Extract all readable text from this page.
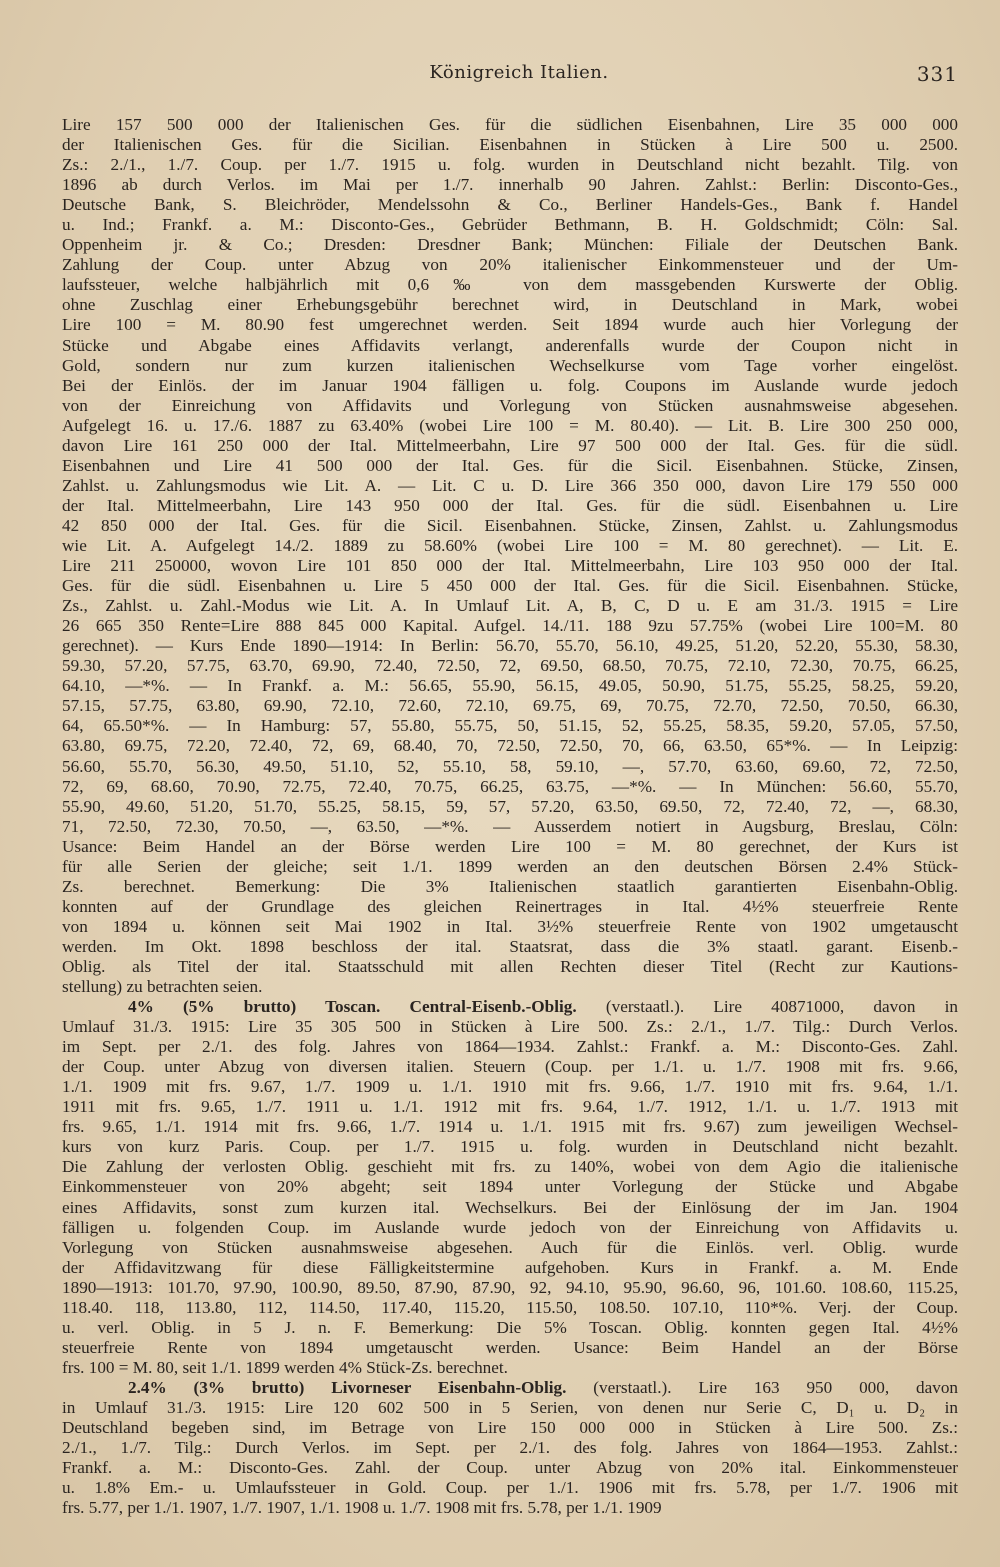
Königreich Italien.	331
Lire 157 500 000 der Italienischen Ges. für die südlichen Eisenbahnen, Lire 35 000 000
der Italienischen Ges. für die Sicilian. Eisenbahnen in Stücken à Lire 500 u. 2500.
Zs.: 2./1., 1./7. Coup. per 1./7. 1915 u. folg. wurden in Deutschland nicht bezahlt. Tilg. von
1896 ab durch Verlos. im Mai per 1./7. innerhalb 90 Jahren. Zahlst.: Berlin: Disconto-Ges.,
Deutsche Bank, S. Bleichröder, Mendelssohn & Co., Berliner Handels-Ges., Bank f. Handel
u. Ind.; Frankf. a. M.: Disconto-Ges., Gebrüder Bethmann, B. H. Goldschmidt; Cöln: Sal.
Oppenheim jr. & Co.; Dresden: Dresdner Bank; München: Filiale der Deutschen Bank.
Zahlung der Coup. unter Abzug von 20% italienischer Einkommensteuer und der Um-
laufssteuer, welche halbjährlich mit 0,6‰ von dem massgebenden Kurswerte der Oblig.
ohne Zuschlag einer Erhebungsgebühr berechnet wird, in Deutschland in Mark, wobei
Lire 100 = M. 80.90 fest umgerechnet werden. Seit 1894 wurde auch hier Vorlegung der
Stücke und Abgabe eines Affidavits verlangt, anderenfalls wurde der Coupon nicht in
Gold, sondern nur zum kurzen italienischen Wechselkurse vom Tage vorher eingelöst.
Bei der Einlös. der im Januar 1904 fälligen u. folg. Coupons im Auslande wurde jedoch
von der Einreichung von Affidavits und Vorlegung von Stücken ausnahmsweise abgesehen.
Aufgelegt 16. u. 17./6. 1887 zu 63.40% (wobei Lire 100 = M. 80.40). — Lit. B. Lire 300 250 000,
davon Lire 161 250 000 der Ital. Mittelmeerbahn, Lire 97 500 000 der Ital. Ges. für die südl.
Eisenbahnen und Lire 41 500 000 der Ital. Ges. für die Sicil. Eisenbahnen. Stücke, Zinsen,
Zahlst. u. Zahlungsmodus wie Lit. A. — Lit. C u. D. Lire 366 350 000, davon Lire 179 550 000
der Ital. Mittelmeerbahn, Lire 143 950 000 der Ital. Ges. für die südl. Eisenbahnen u. Lire
42 850 000 der Ital. Ges. für die Sicil. Eisenbahnen. Stücke, Zinsen, Zahlst. u. Zahlungsmodus
wie Lit. A. Aufgelegt 14./2. 1889 zu 58.60% (wobei Lire 100 = M. 80 gerechnet). — Lit. E.
Lire 211 250000, wovon Lire 101 850 000 der Ital. Mittelmeerbahn, Lire 103 950 000 der Ital.
Ges. für die südl. Eisenbahnen u. Lire 5 450 000 der Ital. Ges. für die Sicil. Eisenbahnen. Stücke,
Zs., Zahlst. u. Zahl.-Modus wie Lit. A. In Umlauf Lit. A, B, C, D u. E am 31./3. 1915 = Lire
26 665 350 Rente=Lire 888 845 000 Kapital. Aufgel. 14./11. 188 9zu 57.75% (wobei Lire 100=M. 80
gerechnet). — Kurs Ende 1890—1914: In Berlin: 56.70, 55.70, 56.10, 49.25, 51.20, 52.20, 55.30, 58.30,
59.30, 57.20, 57.75, 63.70, 69.90, 72.40, 72.50, 72, 69.50, 68.50, 70.75, 72.10, 72.30, 70.75, 66.25,
64.10, —*%. — In Frankf. a. M.: 56.65, 55.90, 56.15, 49.05, 50.90, 51.75, 55.25, 58.25, 59.20,
57.15, 57.75, 63.80, 69.90, 72.10, 72.60, 72.10, 69.75, 69, 70.75, 72.70, 72.50, 70.50, 66.30,
64, 65.50*%. — In Hamburg: 57, 55.80, 55.75, 50, 51.15, 52, 55.25, 58.35, 59.20, 57.05, 57.50,
63.80, 69.75, 72.20, 72.40, 72, 69, 68.40, 70, 72.50, 72.50, 70, 66, 63.50, 65*%. — In Leipzig:
56.60, 55.70, 56.30, 49.50, 51.10, 52, 55.10, 58, 59.10, —, 57.70, 63.60, 69.60, 72, 72.50,
72, 69, 68.60, 70.90, 72.75, 72.40, 70.75, 66.25, 63.75, —*%. — In München: 56.60, 55.70,
55.90, 49.60, 51.20, 51.70, 55.25, 58.15, 59, 57, 57.20, 63.50, 69.50, 72, 72.40, 72, —, 68.30,
71, 72.50, 72.30, 70.50, —, 63.50, —*%. — Ausserdem notiert in Augsburg, Breslau, Cöln:
Usance: Beim Handel an der Börse werden Lire 100 = M. 80 gerechnet, der Kurs ist
für alle Serien der gleiche; seit 1./1. 1899 werden an den deutschen Börsen 2.4% Stück-
Zs. berechnet. Bemerkung: Die 3% Italienischen staatlich garantierten Eisenbahn-Oblig.
konnten auf der Grundlage des gleichen Reinertrages in Ital. 4½% steuerfreie Rente
von 1894 u. können seit Mai 1902 in Ital. 3½% steuerfreie Rente von 1902 umgetauscht
werden. Im Okt. 1898 beschloss der ital. Staatsrat, dass die 3% staatl. garant. Eisenb.-
Oblig. als Titel der ital. Staatsschuld mit allen Rechten dieser Titel (Recht zur Kautions-
stellung) zu betrachten seien.
4% (5% brutto) Toscan. Central-Eisenb.-Oblig. (verstaatl.). Lire 40871000, davon in
Umlauf 31./3. 1915: Lire 35 305 500 in Stücken à Lire 500. Zs.: 2./1., 1./7. Tilg.: Durch Verlos.
im Sept. per 2./1. des folg. Jahres von 1864—1934. Zahlst.: Frankf. a. M.: Disconto-Ges. Zahl.
der Coup. unter Abzug von diversen italien. Steuern (Coup. per 1./1. u. 1./7. 1908 mit frs. 9.66,
1./1. 1909 mit frs. 9.67, 1./7. 1909 u. 1./1. 1910 mit frs. 9.66, 1./7. 1910 mit frs. 9.64, 1./1.
1911 mit frs. 9.65, 1./7. 1911 u. 1./1. 1912 mit frs. 9.64, 1./7. 1912, 1./1. u. 1./7. 1913 mit
frs. 9.65, 1./1. 1914 mit frs. 9.66, 1./7. 1914 u. 1./1. 1915 mit frs. 9.67) zum jeweiligen Wechsel-
kurs von kurz Paris. Coup. per 1./7. 1915 u. folg. wurden in Deutschland nicht bezahlt.
Die Zahlung der verlosten Oblig. geschieht mit frs. zu 140%, wobei von dem Agio die italienische
Einkommensteuer von 20% abgeht; seit 1894 unter Vorlegung der Stücke und Abgabe
eines Affidavits, sonst zum kurzen ital. Wechselkurs. Bei der Einlösung der im Jan. 1904
fälligen u. folgenden Coup. im Auslande wurde jedoch von der Einreichung von Affidavits u.
Vorlegung von Stücken ausnahmsweise abgesehen. Auch für die Einlös. verl. Oblig. wurde
der Affidavitzwang für diese Fälligkeitstermine aufgehoben. Kurs in Frankf. a. M. Ende
1890—1913: 101.70, 97.90, 100.90, 89.50, 87.90, 87.90, 92, 94.10, 95.90, 96.60, 96, 101.60. 108.60, 115.25,
118.40. 118, 113.80, 112, 114.50, 117.40, 115.20, 115.50, 108.50. 107.10, 110*%. Verj. der Coup.
u. verl. Oblig. in 5 J. n. F. Bemerkung: Die 5% Toscan. Oblig. konnten gegen Ital. 4½%
steuerfreie Rente von 1894 umgetauscht werden. Usance: Beim Handel an der Börse
frs. 100 = M. 80, seit 1./1. 1899 werden 4% Stück-Zs. berechnet.
2.4% (3% brutto) Livorneser Eisenbahn-Oblig. (verstaatl.). Lire 163 950 000, davon
in Umlauf 31./3. 1915: Lire 120 602 500 in 5 Serien, von denen nur Serie C, D₁ u. D₂ in
Deutschland begeben sind, im Betrage von Lire 150 000 000 in Stücken à Lire 500. Zs.:
2./1., 1./7. Tilg.: Durch Verlos. im Sept. per 2./1. des folg. Jahres von 1864—1953. Zahlst.:
Frankf. a. M.: Disconto-Ges. Zahl. der Coup. unter Abzug von 20% ital. Einkommensteuer
u. 1.8% Em.- u. Umlaufssteuer in Gold. Coup. per 1./1. 1906 mit frs. 5.78, per 1./7. 1906 mit
frs. 5.77, per 1./1. 1907, 1./7. 1907, 1./1. 1908 u. 1./7. 1908 mit frs. 5.78, per 1./1. 1909
